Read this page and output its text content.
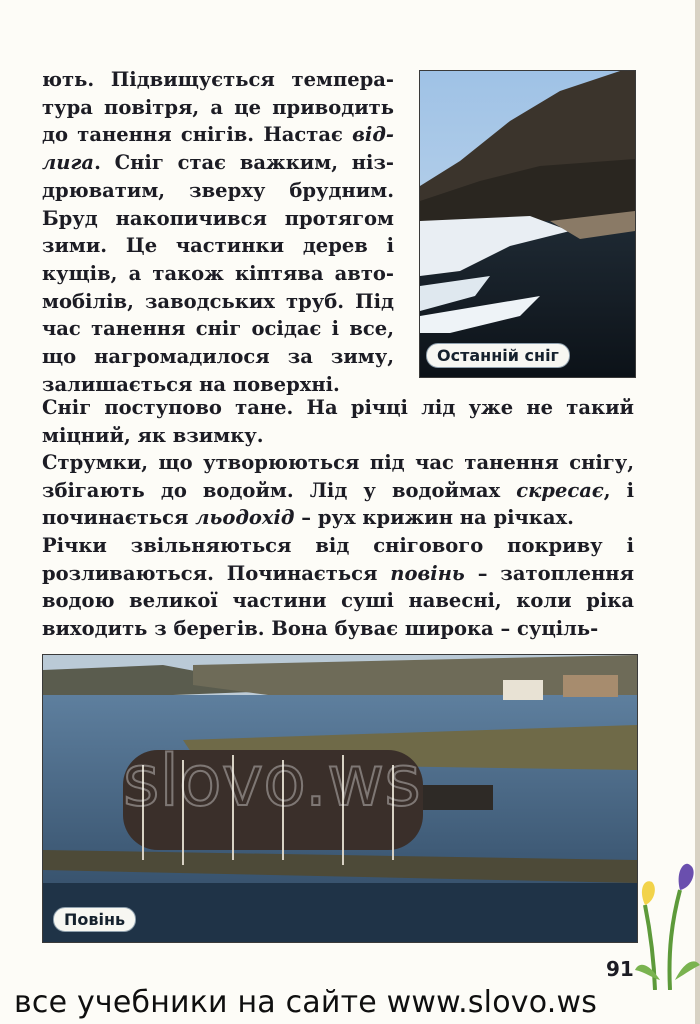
ють. Підвищується температура повітря, а це приводить до танення снігів. Настає відлига. Сніг стає важким, ніздрюватим, зверху брудним. Бруд накопичився протягом зими. Це частинки дерев і кущів, а також кіптява автомобілів, заводських труб. Під час танення сніг осідає і все, що нагромадилося за зиму, залишається на поверхні.

Останній сніг

Сніг поступово тане. На річці лід уже не такий міцний, як взимку.

Струмки, що утворюються під час танення снігу, збігають до водойм. Лід у водоймах скресає, і починається льодохід – рух крижин на річках.

Річки звільняються від снігового покриву і розливаються. Починається повінь – затоплення водою великої частини суші навесні, коли ріка виходить з берегів. Вона буває широка – суціль-

slovo.ws
Повінь
91
все учебники на сайте www.slovo.ws
